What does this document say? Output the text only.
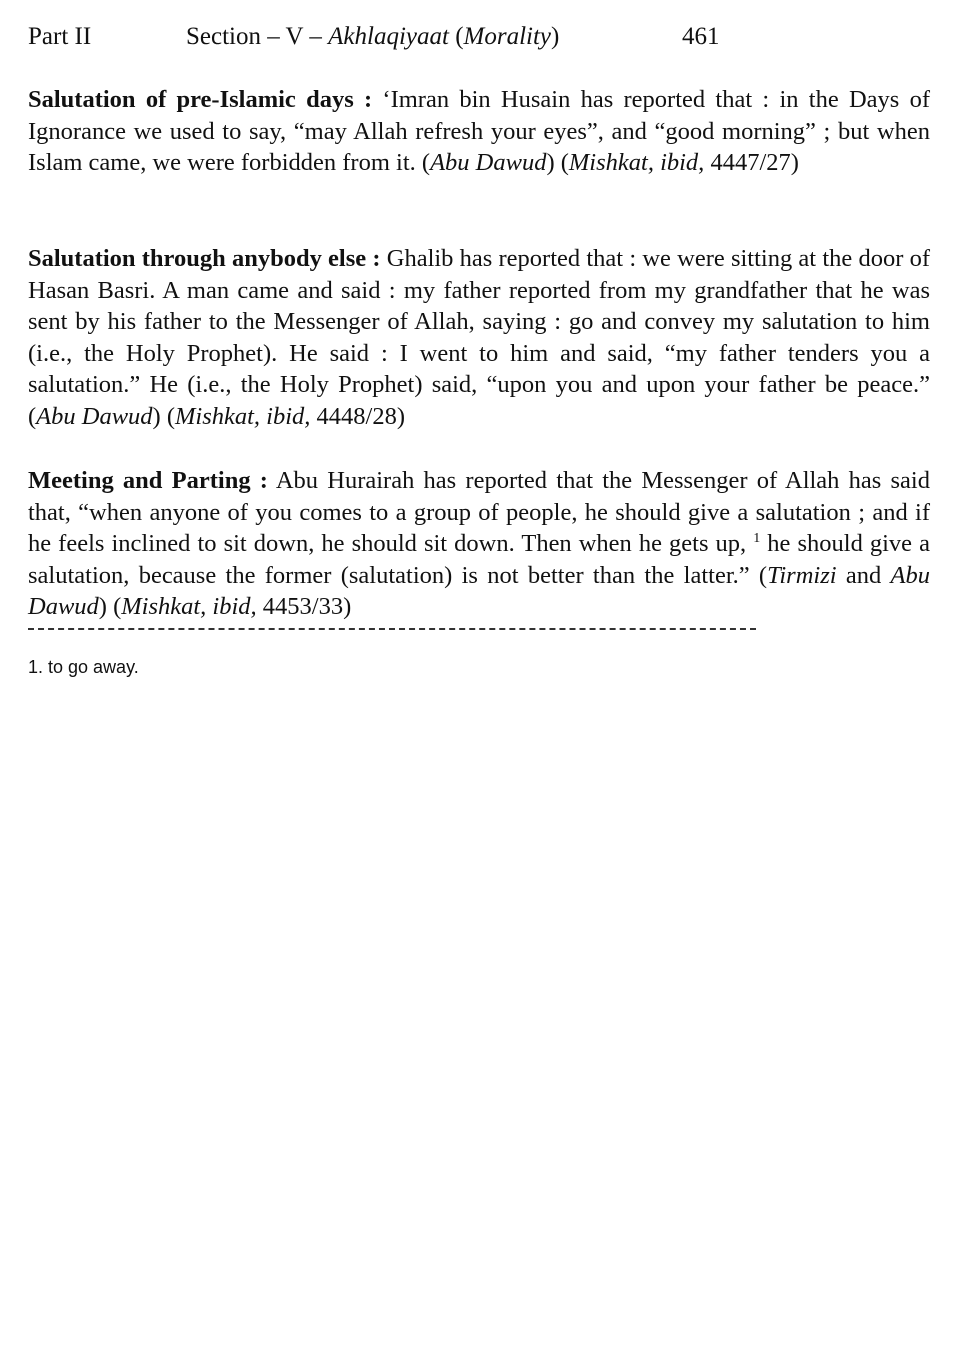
Part II	Section – V – Akhlaqiyaat (Morality)	461

Salutation of pre-Islamic days : ‘Imran bin Husain has reported that : in the Days of Ignorance we used to say, “may Allah refresh your eyes”, and “good morning” ; but when Islam came, we were forbidden from it. (Abu Dawud) (Mishkat, ibid, 4447/27)

Salutation through anybody else : Ghalib has reported that : we were sitting at the door of Hasan Basri. A man came and said : my father reported from my grandfather that he was sent by his father to the Messenger of Allah, saying : go and convey my salutation to him (i.e., the Holy Prophet). He said : I went to him and said, “my father tenders you a salutation.” He (i.e., the Holy Prophet) said, “upon you and upon your father be peace.” (Abu Dawud) (Mishkat, ibid, 4448/28)

Meeting and Parting : Abu Hurairah has reported that the Messenger of Allah has said that, “when anyone of you comes to a group of people, he should give a salutation ; and if he feels inclined to sit down, he should sit down. Then when he gets up, $^1$ he should give a salutation, because the former (salutation) is not better than the latter.” (Tirmizi and Abu Dawud) (Mishkat, ibid, 4453/33)

1. to go away.
